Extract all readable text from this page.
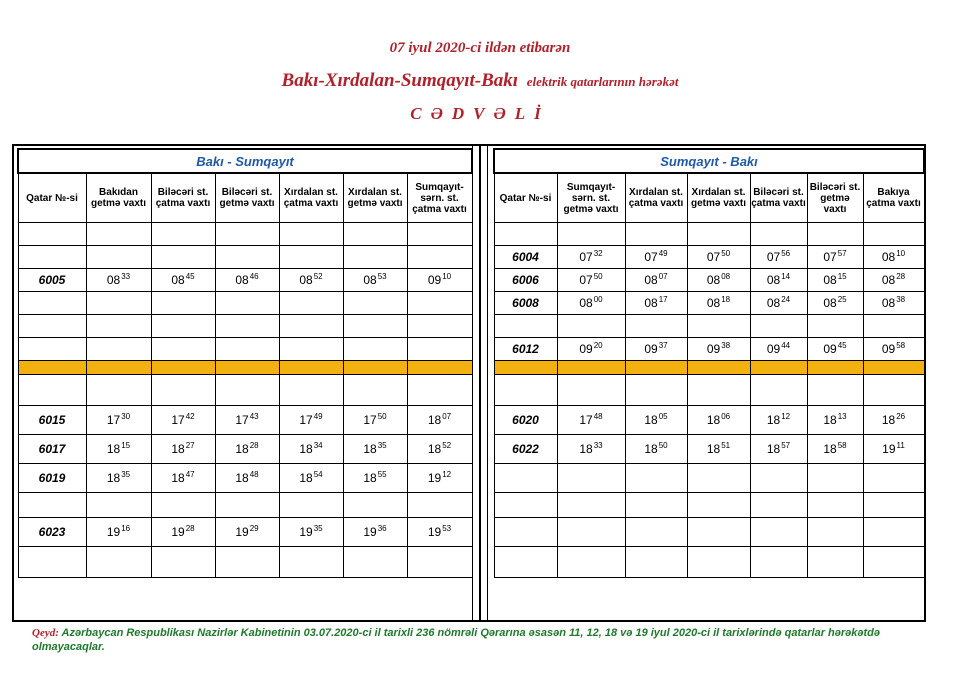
07 iyul 2020-ci ildən etibarən
Bakı-Xırdalan-Sumqayıt-Bakı elektrik qatarlarının hərəkət
CƏDVƏLİ
Bakı - Sumqayıt						
Qatar №-si	Bakıdan getmə vaxtı	Biləcəri st. çatma vaxtı	Biləcəri st. getmə vaxtı	Xırdalan st. çatma vaxtı	Xırdalan st. getmə vaxtı	Sumqayıt-sərn. st. çatma vaxtı

6005	$08^{33}$	$08^{45}$	$08^{46}$	$08^{52}$	$08^{53}$	$09^{10}$

6015	$17^{30}$	$17^{42}$	$17^{43}$	$17^{49}$	$17^{50}$	$18^{07}$
6017	$18^{15}$	$18^{27}$	$18^{28}$	$18^{34}$	$18^{35}$	$18^{52}$
6019	$18^{35}$	$18^{47}$	$18^{48}$	$18^{54}$	$18^{55}$	$19^{12}$

6023	$19^{16}$	$19^{28}$	$19^{29}$	$19^{35}$	$19^{36}$	$19^{53}$

Sumqayıt - Bakı						
Qatar №-si	Sumqayıt-sərn. st. getmə vaxtı	Xırdalan st. çatma vaxtı	Xırdalan st. getmə vaxtı	Biləcəri st. çatma vaxtı	Biləcəri st. getmə vaxtı	Bakıya çatma vaxtı

6004	$07^{32}$	$07^{49}$	$07^{50}$	$07^{56}$	$07^{57}$	$08^{10}$
6006	$07^{50}$	$08^{07}$	$08^{08}$	$08^{14}$	$08^{15}$	$08^{28}$
6008	$08^{00}$	$08^{17}$	$08^{18}$	$08^{24}$	$08^{25}$	$08^{38}$

6012	$09^{20}$	$09^{37}$	$09^{38}$	$09^{44}$	$09^{45}$	$09^{58}$

6020	$17^{48}$	$18^{05}$	$18^{06}$	$18^{12}$	$18^{13}$	$18^{26}$
6022	$18^{33}$	$18^{50}$	$18^{51}$	$18^{57}$	$18^{58}$	$19^{11}$

Qeyd: Azərbaycan Respublikası Nazirlər Kabinetinin 03.07.2020-ci il tarixli 236 nömrəli Qərarına əsasən 11, 12, 18 və 19 iyul 2020-ci il tarixlərində qatarlar hərəkətdə olmayacaqlar.
